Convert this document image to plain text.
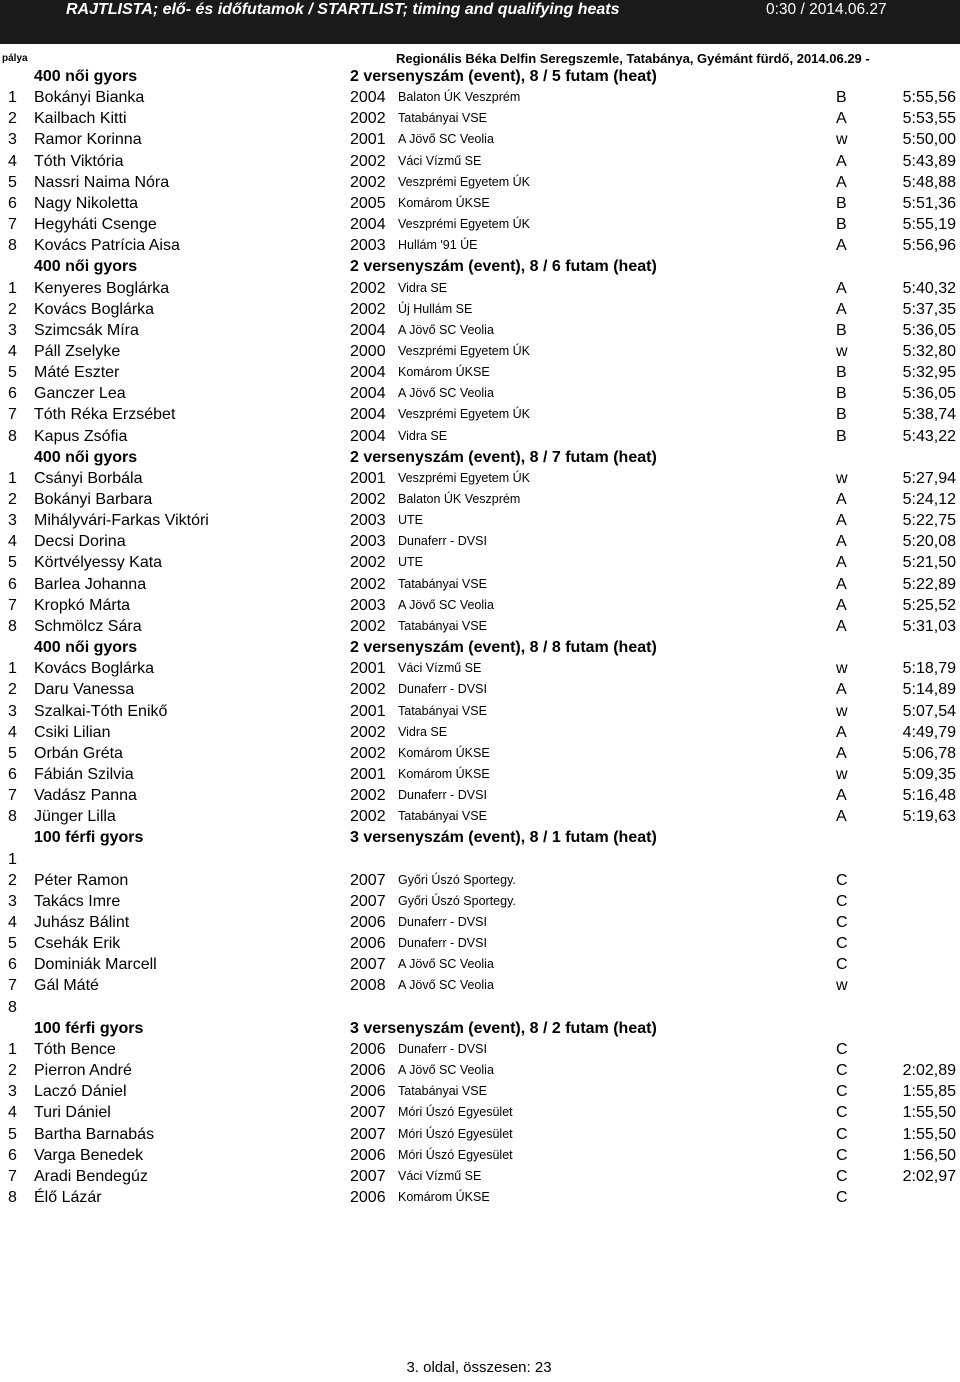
RAJTLISTA; elő- és időfutamok / STARTLIST; timing and qualifying heats	0:30 / 2014.06.27
pálya	Regionális Béka Delfin Seregszemle, Tatabánya, Gyémánt fürdő, 2014.06.29 -
400 női gyors	2 versenyszám (event), 8 / 5 futam (heat)
1 Bokányi Bianka	2004 Balaton ÚK Veszprém	B	5:55,56
2 Kailbach Kitti	2002 Tatabányai VSE	A	5:53,55
3 Ramor Korinna	2001 A Jövő SC Veolia	w	5:50,00
4 Tóth Viktória	2002 Váci Vízmű SE	A	5:43,89
5 Nassri Naima Nóra	2002 Veszprémi Egyetem ÚK	A	5:48,88
6 Nagy Nikoletta	2005 Komárom ÚKSE	B	5:51,36
7 Hegyháti Csenge	2004 Veszprémi Egyetem ÚK	B	5:55,19
8 Kovács Patrícia Aisa	2003 Hullám '91 ÚE	A	5:56,96
400 női gyors	2 versenyszám (event), 8 / 6 futam (heat)
1 Kenyeres Boglárka	2002 Vidra SE	A	5:40,32
2 Kovács Boglárka	2002 Új Hullám SE	A	5:37,35
3 Szimcsák Míra	2004 A Jövő SC Veolia	B	5:36,05
4 Páll Zselyke	2000 Veszprémi Egyetem ÚK	w	5:32,80
5 Máté Eszter	2004 Komárom ÚKSE	B	5:32,95
6 Ganczer Lea	2004 A Jövő SC Veolia	B	5:36,05
7 Tóth Réka Erzsébet	2004 Veszprémi Egyetem ÚK	B	5:38,74
8 Kapus Zsófia	2004 Vidra SE	B	5:43,22
400 női gyors	2 versenyszám (event), 8 / 7 futam (heat)
1 Csányi Borbála	2001 Veszprémi Egyetem ÚK	w	5:27,94
2 Bokányi Barbara	2002 Balaton ÚK Veszprém	A	5:24,12
3 Mihályvári-Farkas Viktóri	2003 UTE	A	5:22,75
4 Decsi Dorina	2003 Dunaferr - DVSI	A	5:20,08
5 Körtvélyessy Kata	2002 UTE	A	5:21,50
6 Barlea Johanna	2002 Tatabányai VSE	A	5:22,89
7 Kropkó Márta	2003 A Jövő SC Veolia	A	5:25,52
8 Schmölcz Sára	2002 Tatabányai VSE	A	5:31,03
400 női gyors	2 versenyszám (event), 8 / 8 futam (heat)
1 Kovács Boglárka	2001 Váci Vízmű SE	w	5:18,79
2 Daru Vanessa	2002 Dunaferr - DVSI	A	5:14,89
3 Szalkai-Tóth Enikő	2001 Tatabányai VSE	w	5:07,54
4 Csiki Lilian	2002 Vidra SE	A	4:49,79
5 Orbán Gréta	2002 Komárom ÚKSE	A	5:06,78
6 Fábián Szilvia	2001 Komárom ÚKSE	w	5:09,35
7 Vadász Panna	2002 Dunaferr - DVSI	A	5:16,48
8 Jünger Lilla	2002 Tatabányai VSE	A	5:19,63
100 férfi gyors	3 versenyszám (event), 8 / 1 futam (heat)
1
2 Péter Ramon	2007 Győri Úszó Sportegy.	C
3 Takács Imre	2007 Győri Úszó Sportegy.	C
4 Juhász Bálint	2006 Dunaferr - DVSI	C
5 Csehák Erik	2006 Dunaferr - DVSI	C
6 Dominiák Marcell	2007 A Jövő SC Veolia	C
7 Gál Máté	2008 A Jövő SC Veolia	w
8
100 férfi gyors	3 versenyszám (event), 8 / 2 futam (heat)
1 Tóth Bence	2006 Dunaferr - DVSI	C
2 Pierron André	2006 A Jövő SC Veolia	C	2:02,89
3 Laczó Dániel	2006 Tatabányai VSE	C	1:55,85
4 Turi Dániel	2007 Móri Úszó Egyesület	C	1:55,50
5 Bartha Barnabás	2007 Móri Úszó Egyesület	C	1:55,50
6 Varga Benedek	2006 Móri Úszó Egyesület	C	1:56,50
7 Aradi Bendegúz	2007 Váci Vízmű SE	C	2:02,97
8 Élő Lázár	2006 Komárom ÚKSE	C
3. oldal, összesen: 23
